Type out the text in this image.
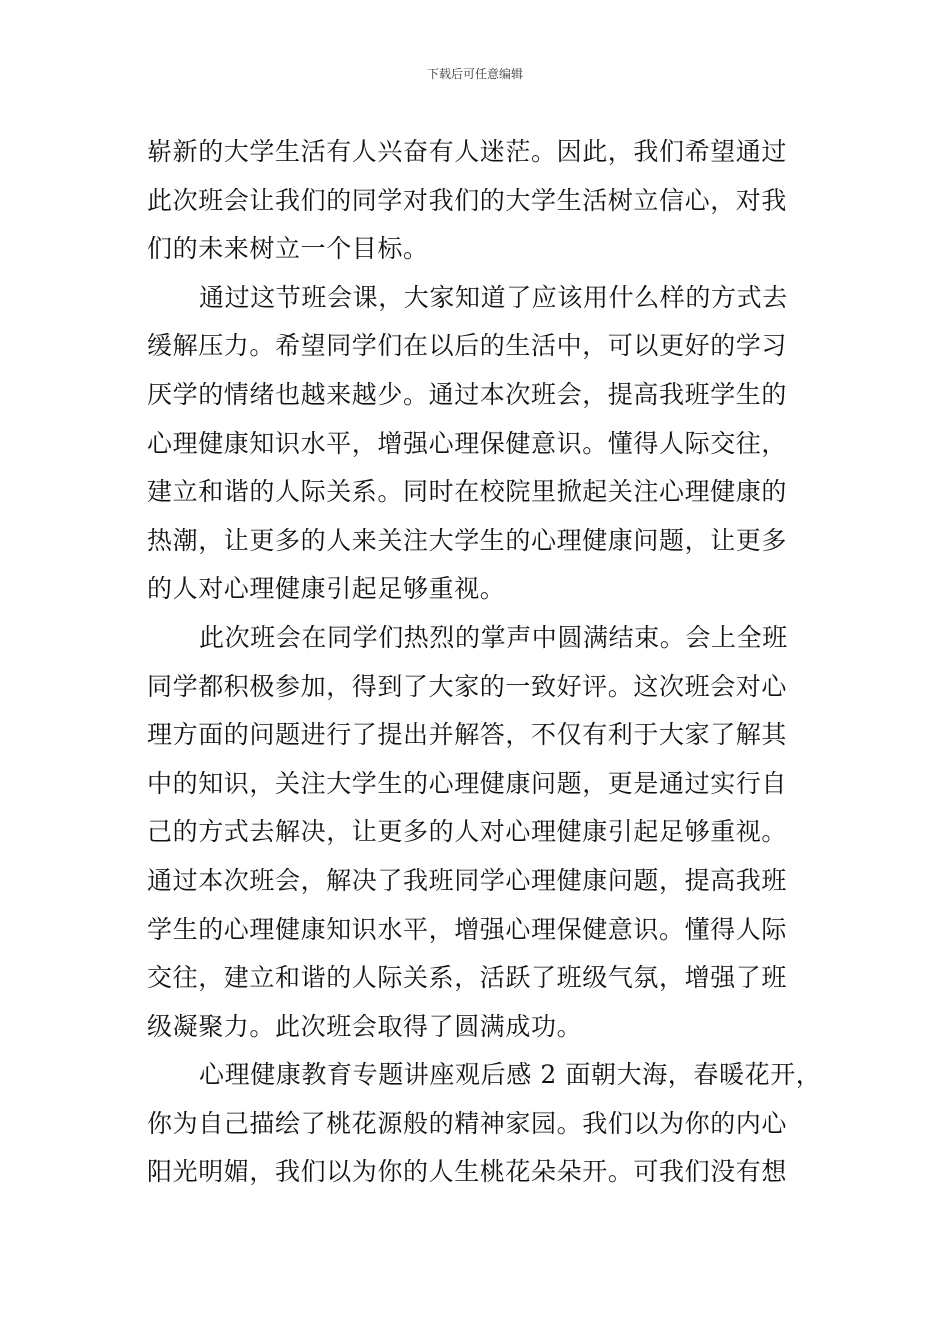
下载后可任意编辑
崭新的大学生活有人兴奋有人迷茫。因此，我们希望通过
此次班会让我们的同学对我们的大学生活树立信心，对我
们的未来树立一个目标。
通过这节班会课，大家知道了应该用什么样的方式去
缓解压力。希望同学们在以后的生活中，可以更好的学习
厌学的情绪也越来越少。通过本次班会，提高我班学生的
心理健康知识水平，增强心理保健意识。懂得人际交往，
建立和谐的人际关系。同时在校院里掀起关注心理健康的
热潮，让更多的人来关注大学生的心理健康问题，让更多
的人对心理健康引起足够重视。
此次班会在同学们热烈的掌声中圆满结束。会上全班
同学都积极参加，得到了大家的一致好评。这次班会对心
理方面的问题进行了提出并解答，不仅有利于大家了解其
中的知识，关注大学生的心理健康问题，更是通过实行自
己的方式去解决，让更多的人对心理健康引起足够重视。
通过本次班会，解决了我班同学心理健康问题，提高我班
学生的心理健康知识水平，增强心理保健意识。懂得人际
交往，建立和谐的人际关系，活跃了班级气氛，增强了班
级凝聚力。此次班会取得了圆满成功。
心理健康教育专题讲座观后感 2 面朝大海，春暖花开，
你为自己描绘了桃花源般的精神家园。我们以为你的内心
阳光明媚，我们以为你的人生桃花朵朵开。可我们没有想
